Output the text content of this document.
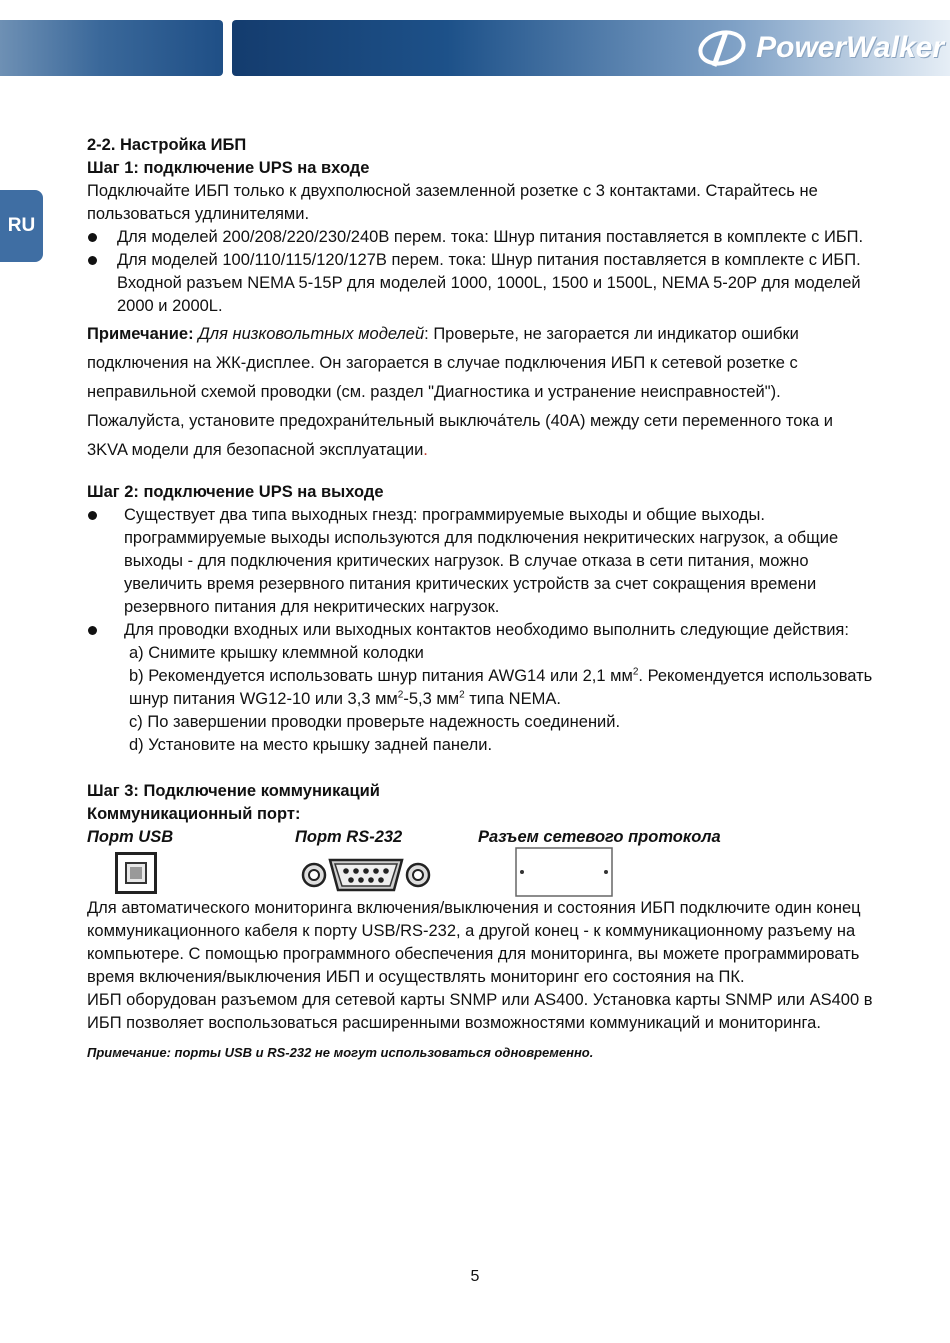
PowerWalker
RU

2-2. Настройка ИБП

Шаг 1: подключение UPS на входе

Подключайте ИБП только к двухполюсной заземленной розетке с 3 контактами. Старайтесь не пользоваться удлинителями.

Для моделей 200/208/220/230/240В перем. тока: Шнур питания поставляется в комплекте с ИБП.

Для моделей 100/110/115/120/127В перем. тока: Шнур питания поставляется в комплекте с ИБП. Входной разъем NEMA 5-15P для моделей 1000, 1000L, 1500 и 1500L, NEMA 5-20P для моделей 2000 и 2000L.

Примечание: Для низковольтных моделей: Проверьте, не загорается ли индикатор ошибки подключения на ЖК-дисплее. Он загорается в случае подключения ИБП к сетевой розетке с неправильной схемой проводки (см. раздел "Диагностика и устранение неисправностей"). Пожалуйста, установите предохрани́тельный выключа́тель (40A) между сети переменного тока и 3KVA модели для безопасной эксплуатации.

Шаг 2: подключение UPS на выходе

Существует два типа выходных гнезд: программируемые выходы и общие выходы. программируемые выходы используются для подключения некритических нагрузок, а общие выходы - для подключения критических нагрузок. В случае отказа в сети питания, можно увеличить время резервного питания критических устройств за счет сокращения времени резервного питания для некритических нагрузок.

Для проводки входных или выходных контактов необходимо выполнить следующие действия:

a) Снимите крышку клеммной колодки

b) Рекомендуется использовать шнур питания AWG14 или 2,1 $мм^2$. Рекомендуется использовать шнур питания WG12-10 или 3,3 $мм^2-5,3$ $мм^2$ типа NEMA.

c) По завершении проводки проверьте надежность соединений.

d) Установите на место крышку задней панели.

Шаг 3: Подключение коммуникаций

Коммуникационный порт:

Порт USB	Порт RS-232	Разъем сетевого протокола

Для автоматического мониторинга включения/выключения и состояния ИБП подключите один конец коммуникационного кабеля к порту USB/RS-232, а другой конец - к коммуникационному разъему на компьютере. С помощью программного обеспечения для мониторинга, вы можете программировать время включения/выключения ИБП и осуществлять мониторинг его состояния на ПК.

ИБП оборудован разъемом для сетевой карты SNMP или AS400. Установка карты SNMP или AS400 в ИБП позволяет воспользоваться расширенными возможностями коммуникаций и мониторинга.

Примечание: порты USB и RS-232 не могут использоваться одновременно.

5
